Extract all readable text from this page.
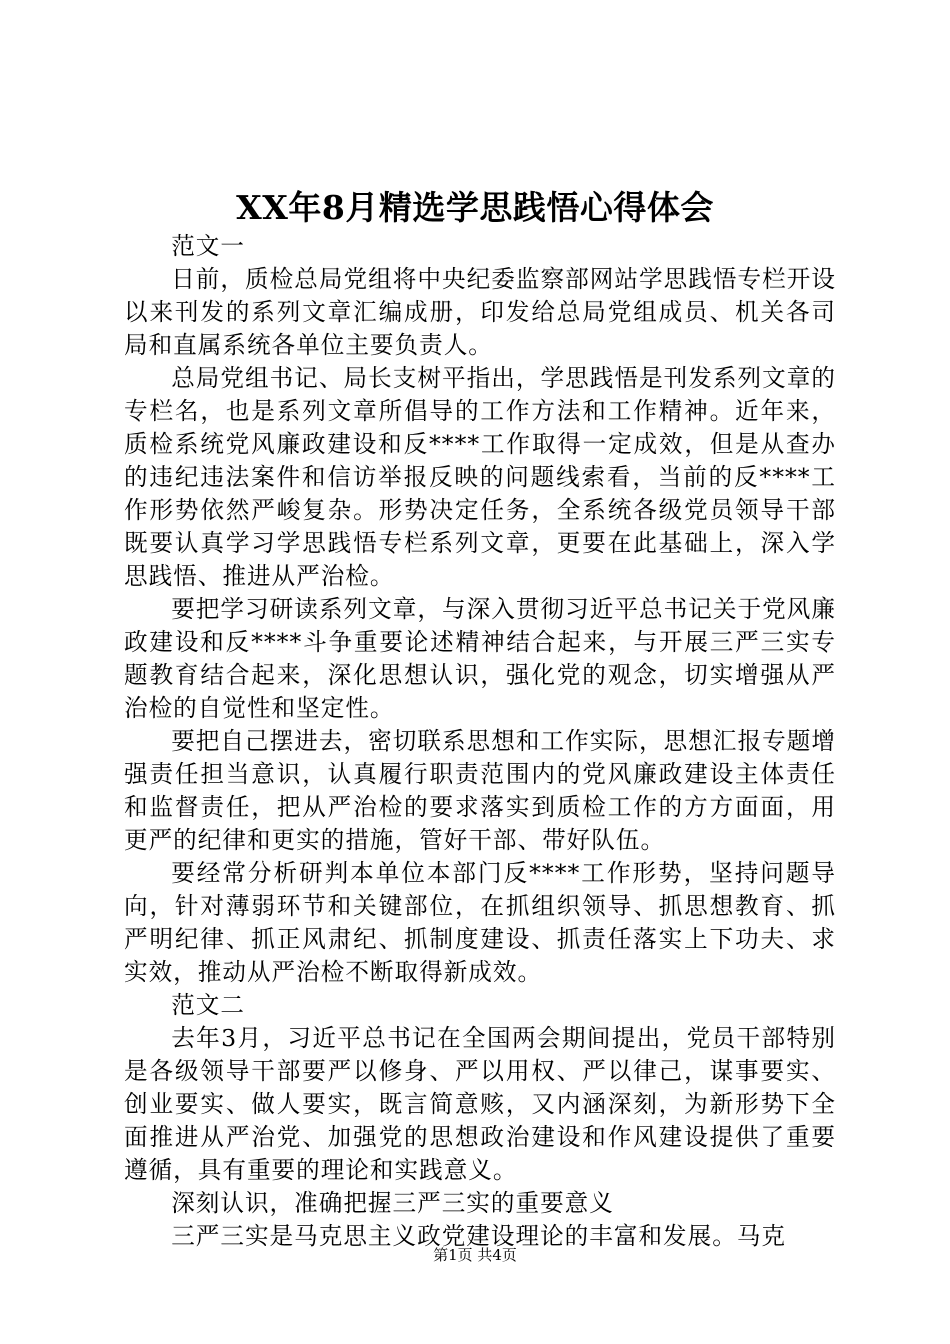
XX年8月精选学思践悟心得体会

范文一

日前，质检总局党组将中央纪委监察部网站学思践悟专栏开设以来刊发的系列文章汇编成册，印发给总局党组成员、机关各司局和直属系统各单位主要负责人。

总局党组书记、局长支树平指出，学思践悟是刊发系列文章的专栏名，也是系列文章所倡导的工作方法和工作精神。近年来，质检系统党风廉政建设和反****工作取得一定成效，但是从查办的违纪违法案件和信访举报反映的问题线索看，当前的反****工作形势依然严峻复杂。形势决定任务，全系统各级党员领导干部既要认真学习学思践悟专栏系列文章，更要在此基础上，深入学思践悟、推进从严治检。

要把学习研读系列文章，与深入贯彻习近平总书记关于党风廉政建设和反****斗争重要论述精神结合起来，与开展三严三实专题教育结合起来，深化思想认识，强化党的观念，切实增强从严治检的自觉性和坚定性。

要把自己摆进去，密切联系思想和工作实际，思想汇报专题增强责任担当意识，认真履行职责范围内的党风廉政建设主体责任和监督责任，把从严治检的要求落实到质检工作的方方面面，用更严的纪律和更实的措施，管好干部、带好队伍。

要经常分析研判本单位本部门反****工作形势，坚持问题导向，针对薄弱环节和关键部位，在抓组织领导、抓思想教育、抓严明纪律、抓正风肃纪、抓制度建设、抓责任落实上下功夫、求实效，推动从严治检不断取得新成效。

范文二

去年3月，习近平总书记在全国两会期间提出，党员干部特别是各级领导干部要严以修身、严以用权、严以律己，谋事要实、创业要实、做人要实，既言简意赅，又内涵深刻，为新形势下全面推进从严治党、加强党的思想政治建设和作风建设提供了重要遵循，具有重要的理论和实践意义。

深刻认识，准确把握三严三实的重要意义

三严三实是马克思主义政党建设理论的丰富和发展。马克

第1页 共4页
